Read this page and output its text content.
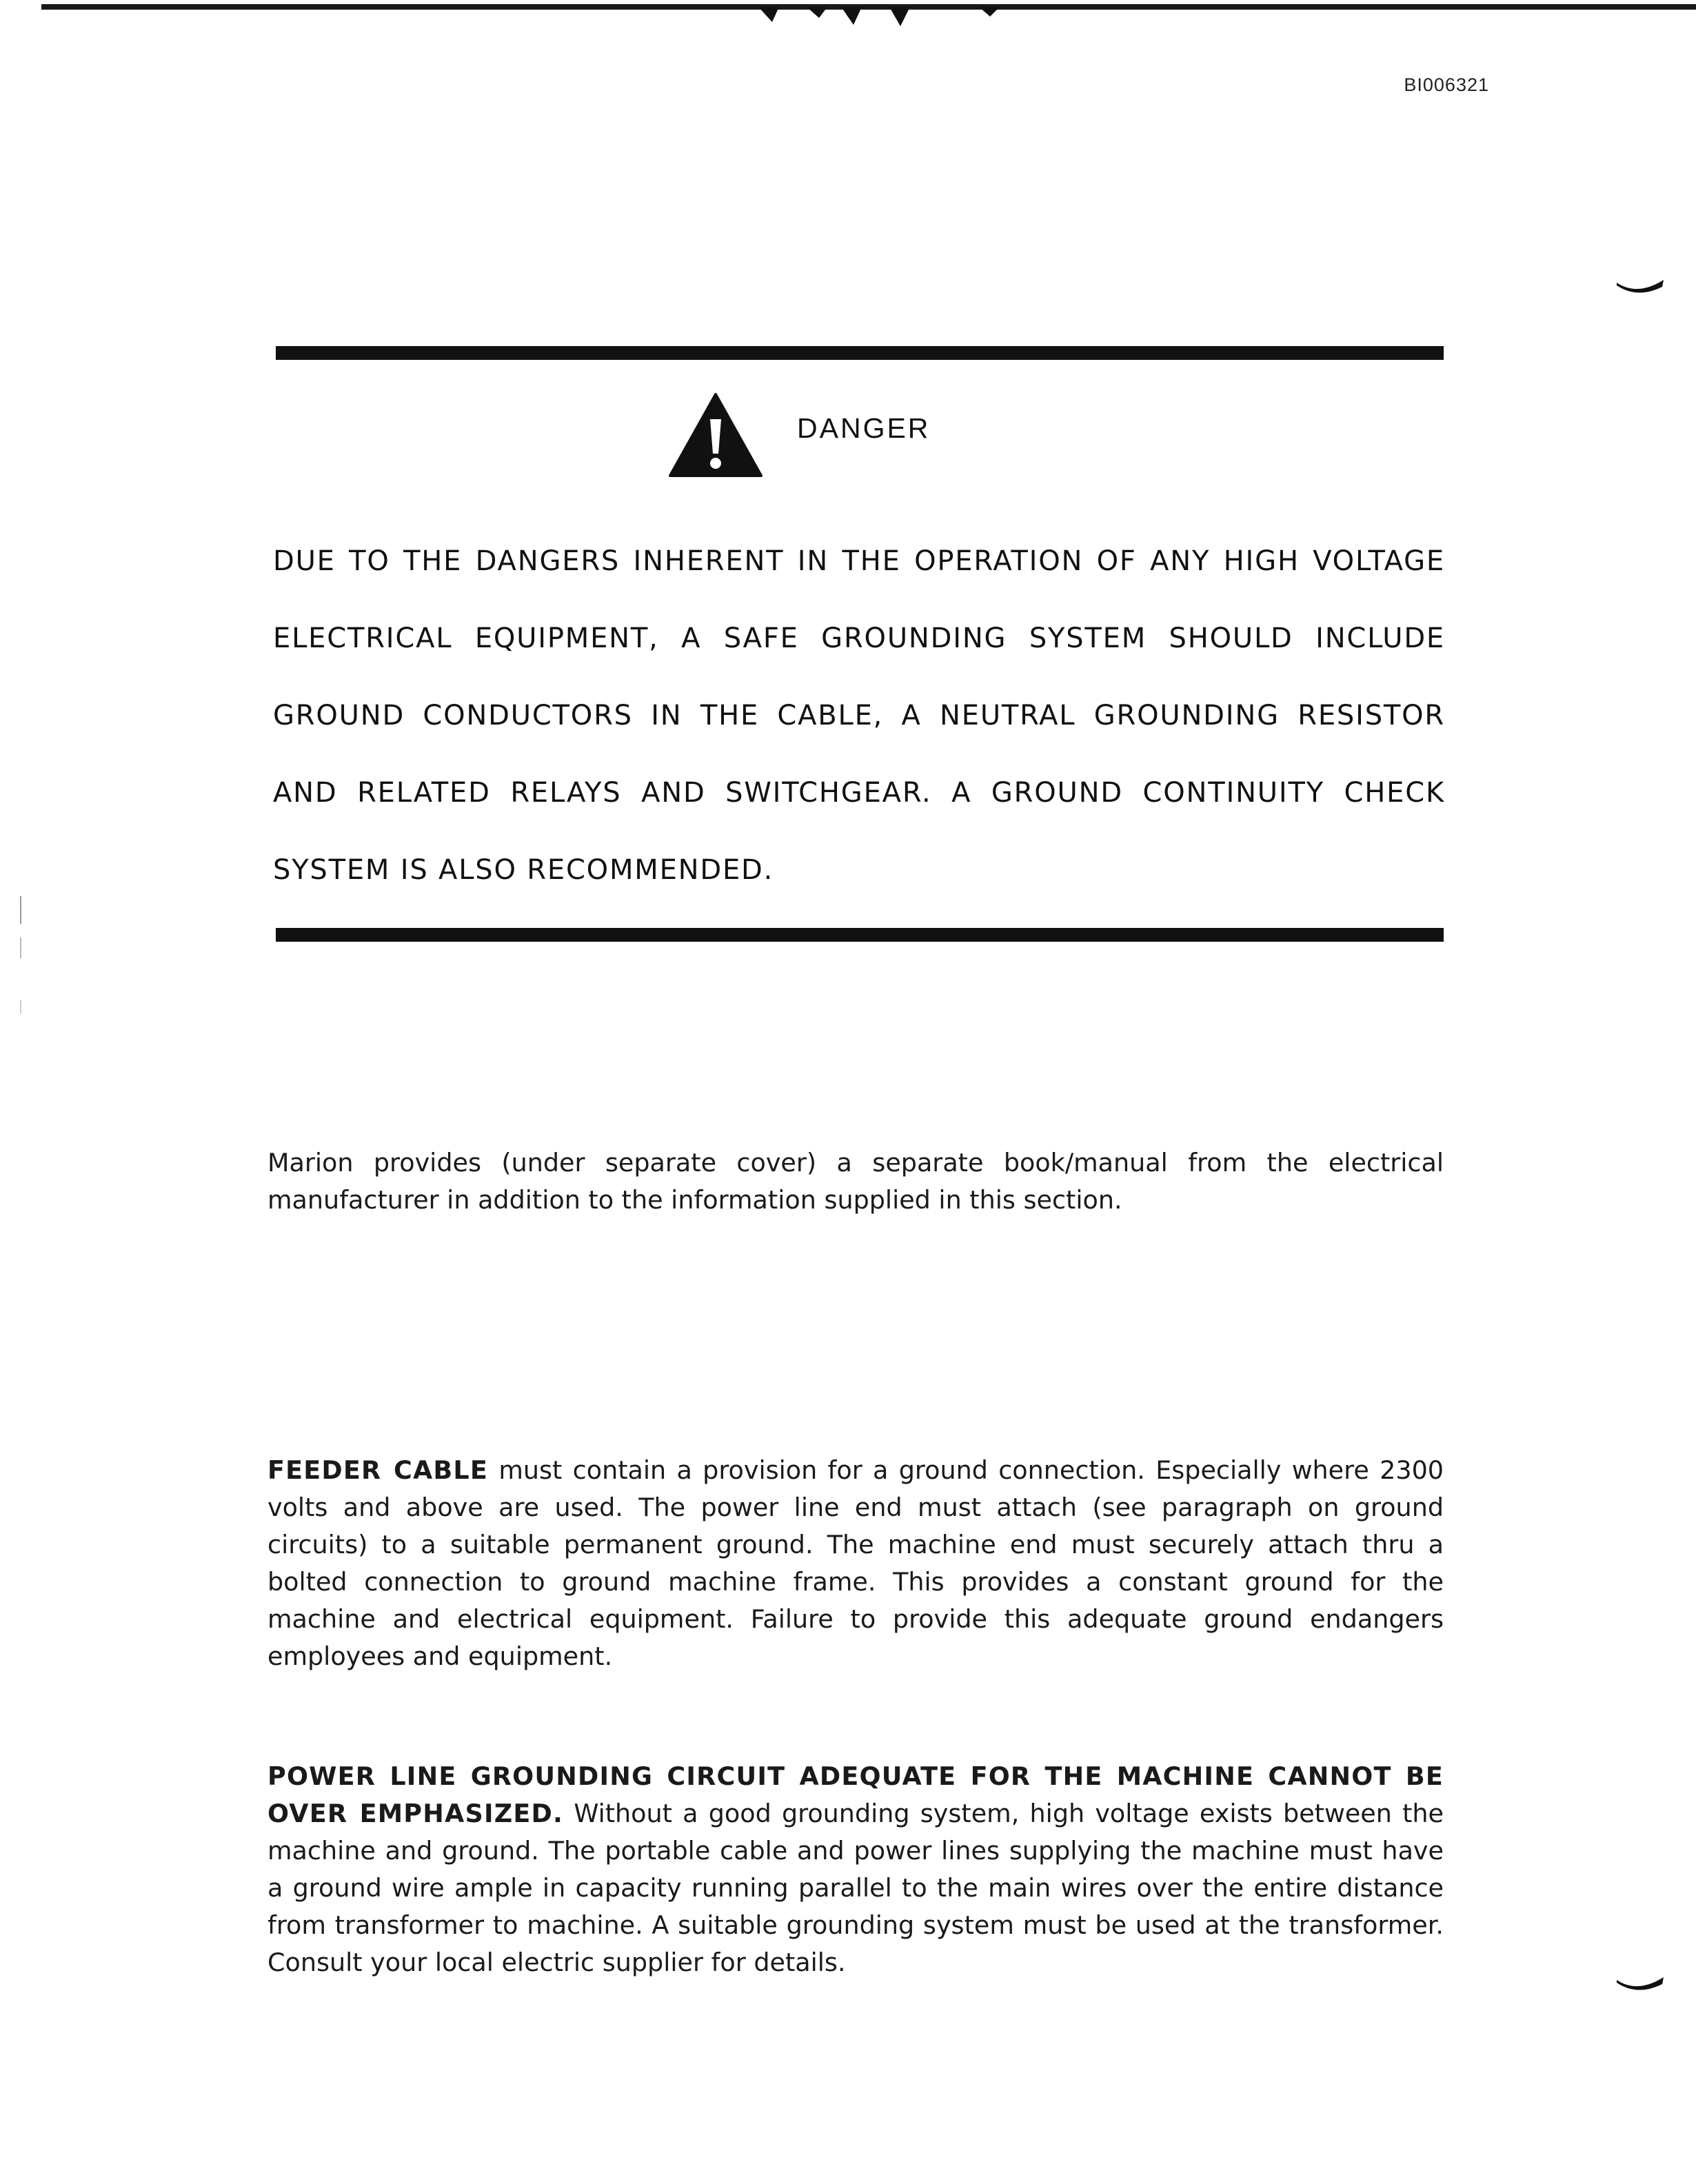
BI006321
DANGER
DUE TO THE DANGERS INHERENT IN THE OPERATION OF ANY HIGH VOLTAGE ELECTRICAL EQUIPMENT, A SAFE GROUNDING SYSTEM SHOULD INCLUDE GROUND CONDUCTORS IN THE CABLE, A NEUTRAL GROUNDING RESISTOR AND RELATED RELAYS AND SWITCHGEAR. A GROUND CONTINUITY CHECK SYSTEM IS ALSO RECOMMENDED.
Marion provides (under separate cover) a separate book/manual from the electrical manufacturer in addition to the information supplied in this section.
FEEDER CABLE must contain a provision for a ground connection. Especially where 2300 volts and above are used. The power line end must attach (see paragraph on ground circuits) to a suitable permanent ground. The machine end must securely attach thru a bolted connection to ground machine frame. This provides a constant ground for the machine and electrical equipment. Failure to provide this adequate ground endangers employees and equipment.
POWER LINE GROUNDING CIRCUIT ADEQUATE FOR THE MACHINE CANNOT BE OVER EMPHASIZED. Without a good grounding system, high voltage exists between the machine and ground. The portable cable and power lines supplying the machine must have a ground wire ample in capacity running parallel to the main wires over the entire distance from transformer to machine. A suitable grounding system must be used at the transformer. Consult your local electric supplier for details.
